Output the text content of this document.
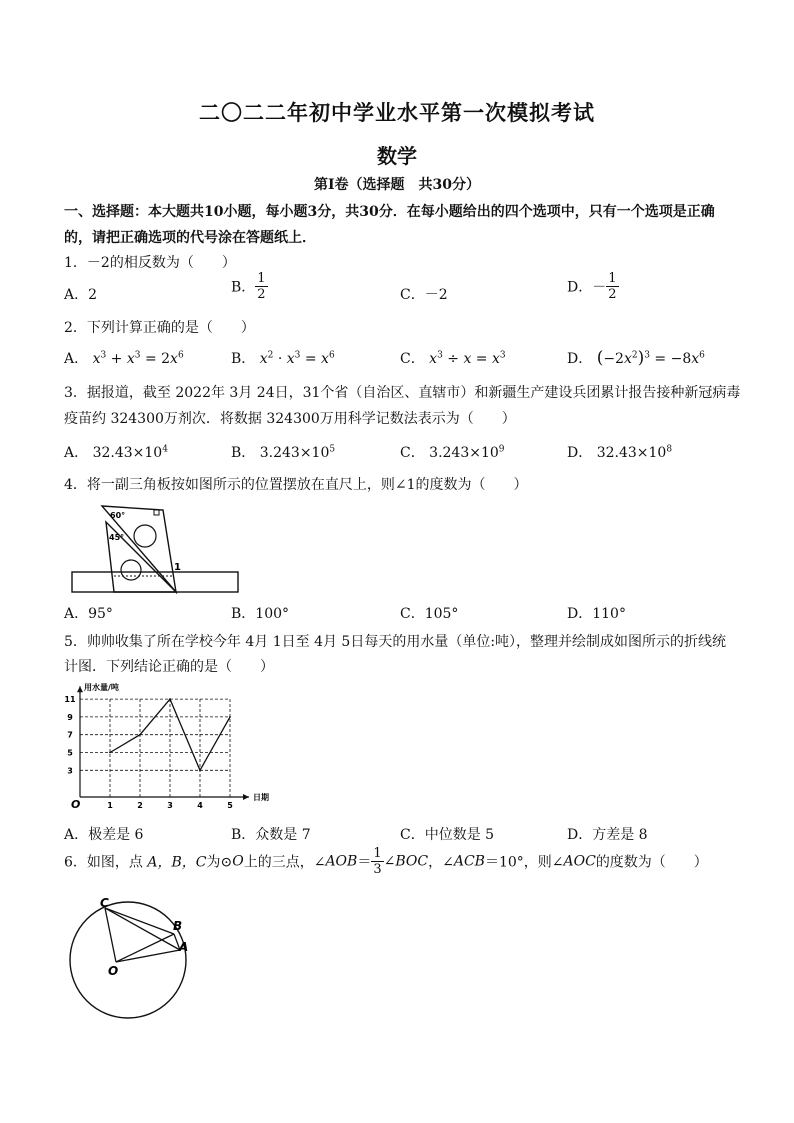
二〇二二年初中学业水平第一次模拟考试
数学
第Ⅰ卷（选择题　共30分）
一、选择题：本大题共10小题，每小题3分，共30分．在每小题给出的四个选项中，只有一个选项是正确
的，请把正确选项的代号涂在答题纸上．
1．－2的相反数为（　　）
A．2	B． $\frac{1}{2}$	C．－2	D．－ $\frac{1}{2}$
2．下列计算正确的是（　　）
A． $x^3 + x^3 = 2x^6$	B． $x^2 \cdot x^3 = x^6$	C． $x^3 \div x = x^3$	D． $(-2x^2)^3 = -8x^6$
3．据报道，截至 2022年 3月 24日，31个省（自治区、直辖市）和新疆生产建设兵团累计报告接种新冠病毒
疫苗约 324300万剂次．将数据 324300万用科学记数法表示为（　　）
A． $32.43\times 10^4$	B． $3.243\times 10^5$	C． $3.243\times 10^9$	D． $32.43\times 10^8$
4．将一副三角板按如图所示的位置摆放在直尺上，则∠1的度数为（　　）
60°
45°
1
A．95°	B．100°	C．105°	D．110°
5．帅帅收集了所在学校今年 4月 1日至 4月 5日每天的用水量（单位:吨），整理并绘制成如图所示的折线统
计图．下列结论正确的是（　　）
3
5
7
9
11
1	2	3	4	5
用水量/吨
日期
O
A．极差是 6	B．众数是 7	C．中位数是 5	D．方差是 8
6．如图，点 A，B，C为⊙O上的三点，∠AOB＝ $\frac{1}{3}$ ∠BOC，∠ACB＝10°，则∠AOC的度数为（　　）
C
B
A
O
